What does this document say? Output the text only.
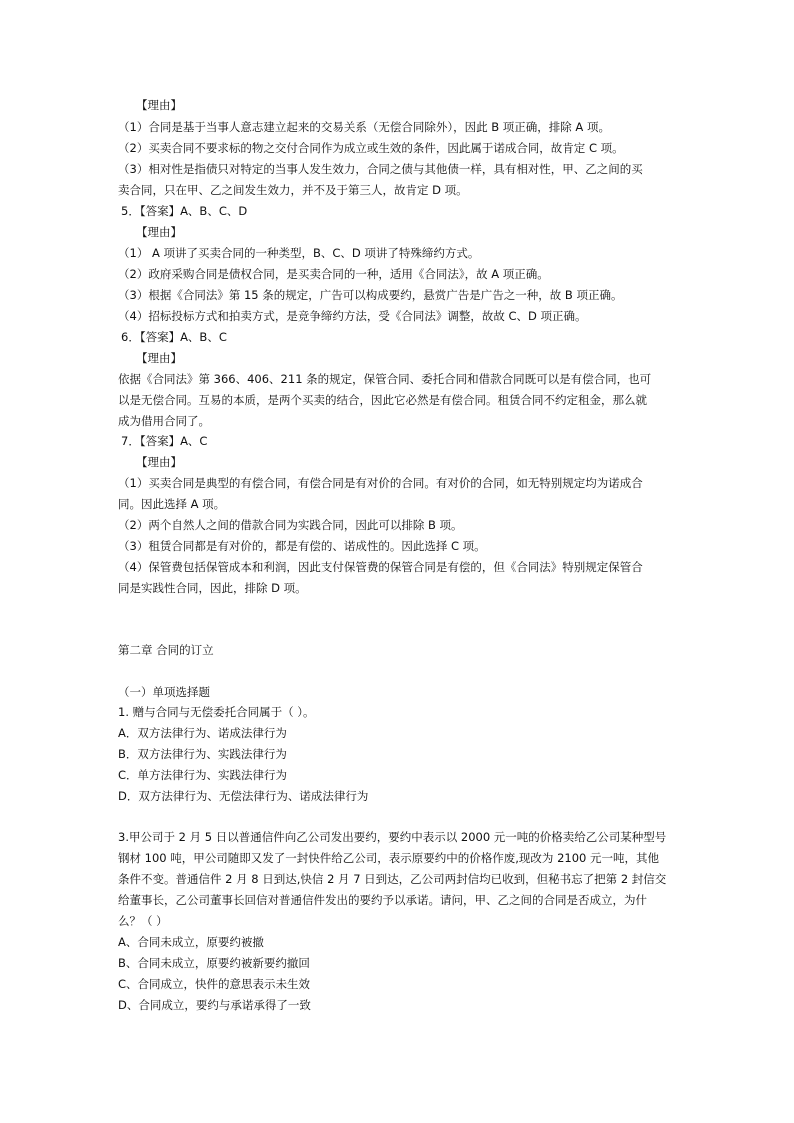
【理由】
（1）合同是基于当事人意志建立起来的交易关系（无偿合同除外），因此 B 项正确，排除 A 项。
（2）买卖合同不要求标的物之交付合同作为成立或生效的条件，因此属于诺成合同，故肯定 C 项。
（3）相对性是指债只对特定的当事人发生效力，合同之债与其他债一样，具有相对性，甲、乙之间的买
卖合同，只在甲、乙之间发生效力，并不及于第三人，故肯定 D 项。
5．【答案】A、B、C、D
【理由】
（1） A 项讲了买卖合同的一种类型，B、C、D 项讲了特殊缔约方式。
（2）政府采购合同是债权合同，是买卖合同的一种，适用《合同法》，故 A 项正确。
（3）根据《合同法》第 15 条的规定，广告可以构成要约，悬赏广告是广告之一种，故 B 项正确。
（4）招标投标方式和拍卖方式，是竞争缔约方法，受《合同法》调整，故故 C、D 项正确。
6．【答案】A、B、C
【理由】
依据《合同法》第 366、406、211 条的规定，保管合同、委托合同和借款合同既可以是有偿合同，也可
以是无偿合同。互易的本质，是两个买卖的结合，因此它必然是有偿合同。租赁合同不约定租金，那么就
成为借用合同了。
7．【答案】A、C
【理由】
（1）买卖合同是典型的有偿合同，有偿合同是有对价的合同。有对价的合同，如无特别规定均为诺成合
同。因此选择 A 项。
（2）两个自然人之间的借款合同为实践合同，因此可以排除 B 项。
（3）租赁合同都是有对价的，都是有偿的、诺成性的。因此选择 C 项。
（4）保管费包括保管成本和利润，因此支付保管费的保管合同是有偿的，但《合同法》特别规定保管合
同是实践性合同，因此，排除 D 项。
第二章 合同的订立
（一）单项选择题
1. 赠与合同与无偿委托合同属于（ ）。
A．双方法律行为、诺成法律行为
B．双方法律行为、实践法律行为
C．单方法律行为、实践法律行为
D．双方法律行为、无偿法律行为、诺成法律行为
3.甲公司于 2 月 5 日以普通信件向乙公司发出要约，要约中表示以 2000 元一吨的价格卖给乙公司某种型号
钢材 100 吨，甲公司随即又发了一封快件给乙公司，表示原要约中的价格作废,现改为 2100 元一吨，其他
条件不变。普通信件 2 月 8 日到达,快信 2 月 7 日到达，乙公司两封信均已收到，但秘书忘了把第 2 封信交
给董事长，乙公司董事长回信对普通信件发出的要约予以承诺。请问，甲、乙之间的合同是否成立，为什
么？（ ）
A、合同未成立，原要约被撤
B、合同未成立，原要约被新要约撤回
C、合同成立，快件的意思表示未生效
D、合同成立，要约与承诺承得了一致
